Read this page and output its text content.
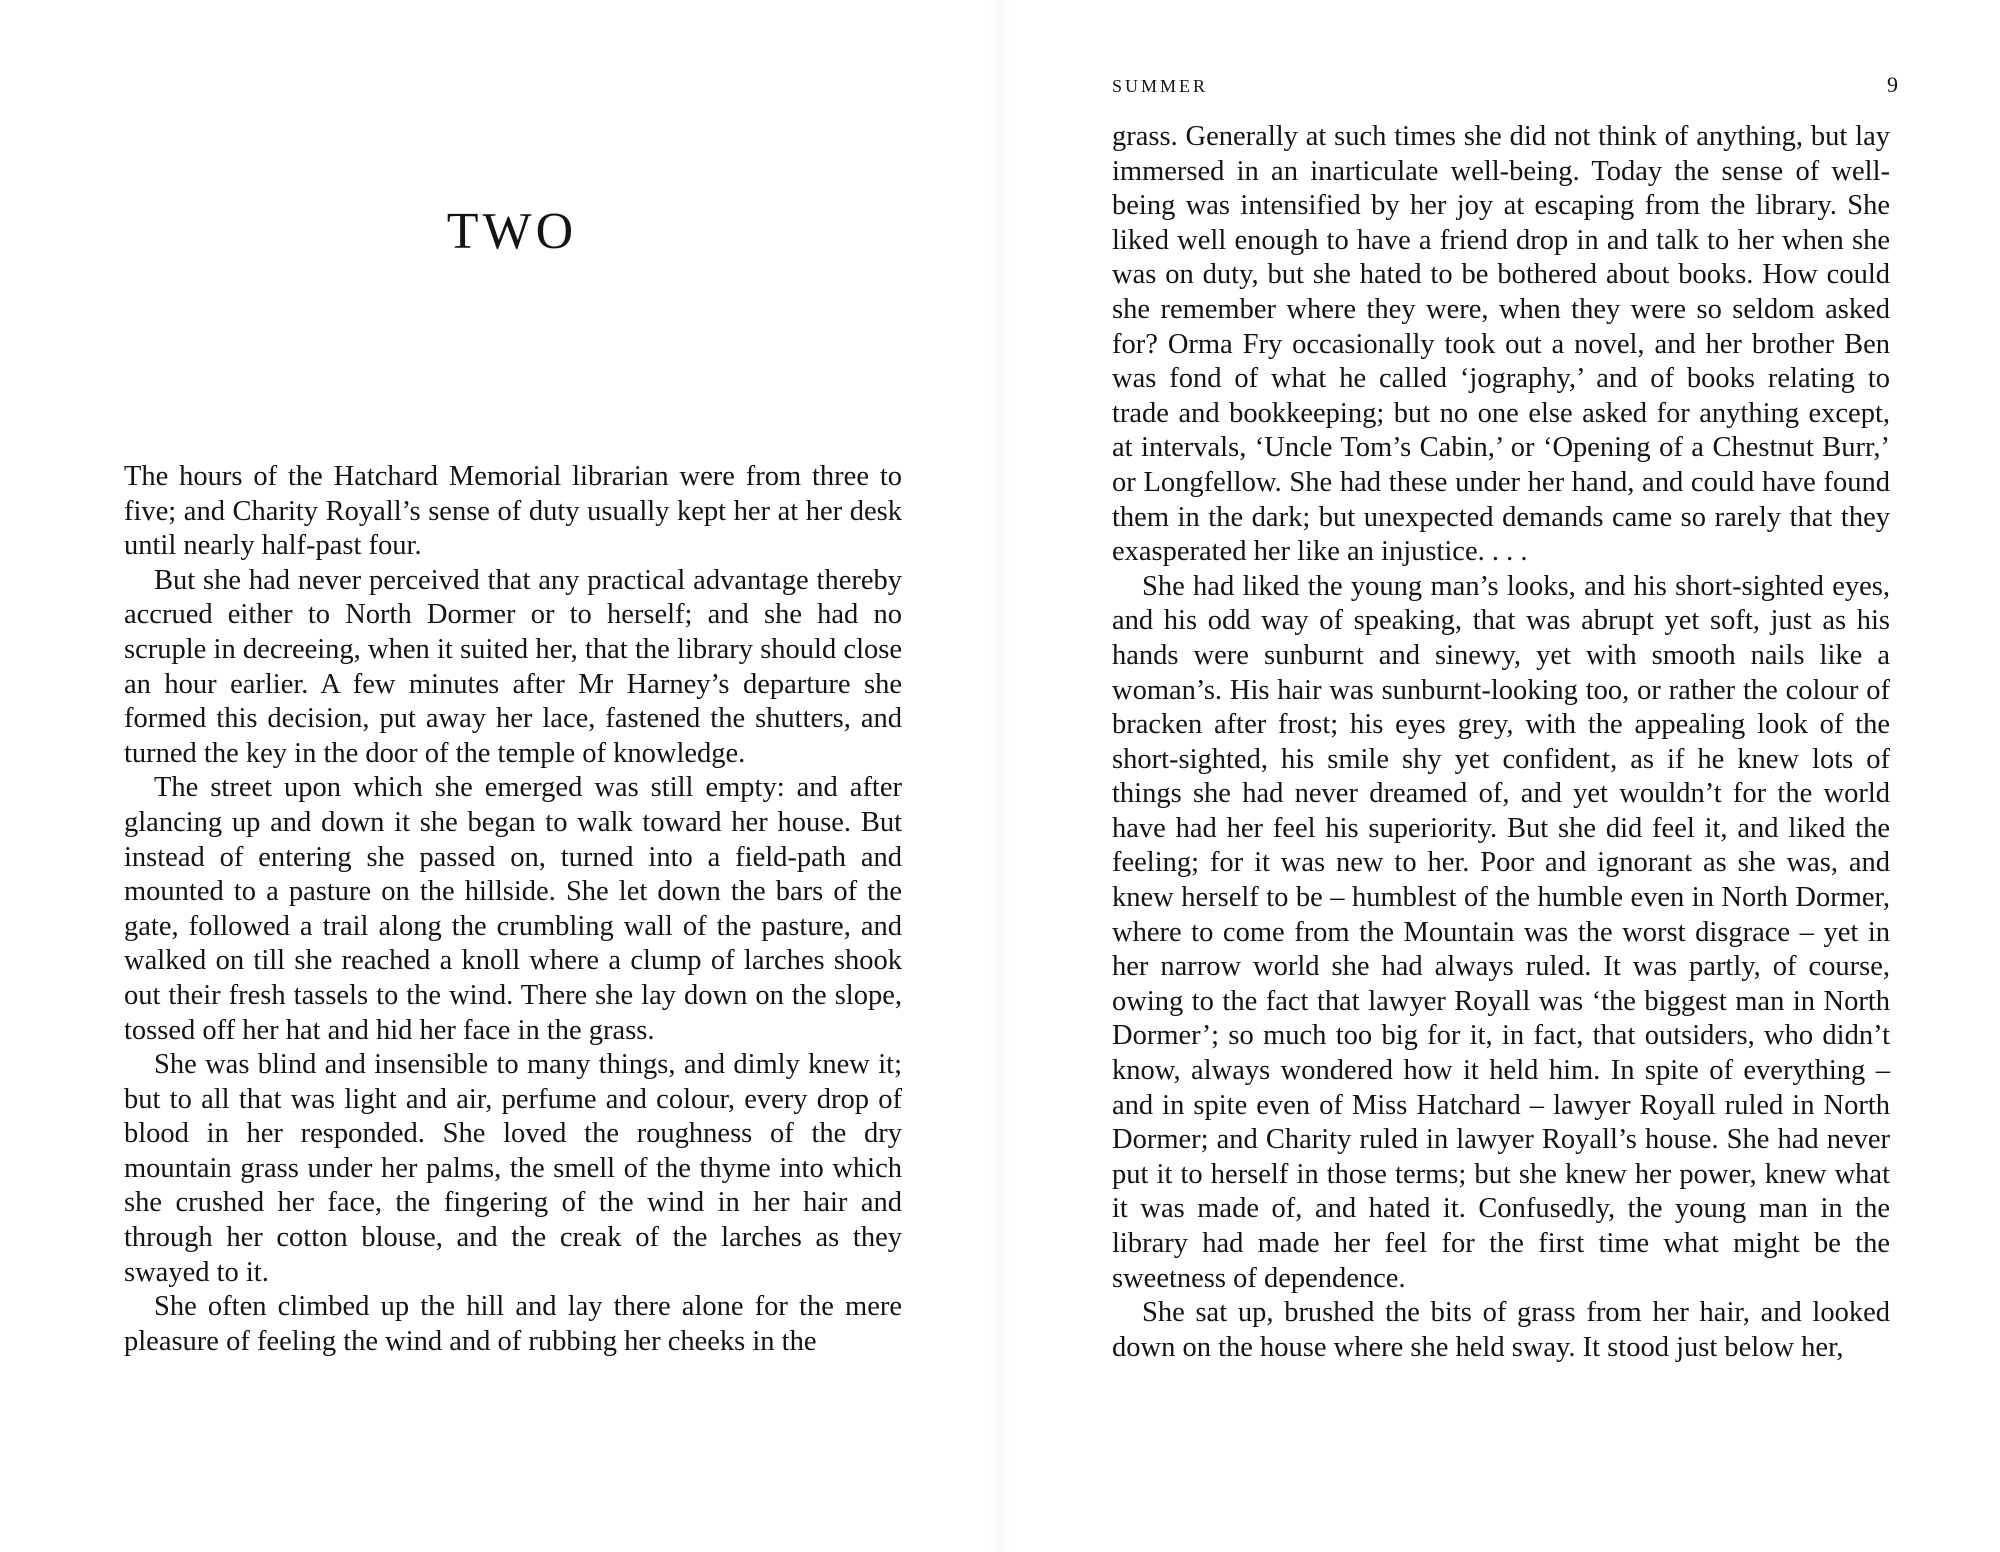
TWO

The hours of the Hatchard Memorial librarian were from three to five; and Charity Royall’s sense of duty usually kept her at her desk until nearly half-past four.

But she had never perceived that any practical advantage thereby accrued either to North Dormer or to herself; and she had no scruple in decreeing, when it suited her, that the library should close an hour earlier. A few minutes after Mr Harney’s departure she formed this decision, put away her lace, fastened the shutters, and turned the key in the door of the temple of knowledge.

The street upon which she emerged was still empty: and after glancing up and down it she began to walk toward her house. But instead of entering she passed on, turned into a field-path and mounted to a pasture on the hillside. She let down the bars of the gate, followed a trail along the crumbling wall of the pasture, and walked on till she reached a knoll where a clump of larches shook out their fresh tassels to the wind. There she lay down on the slope, tossed off her hat and hid her face in the grass.

She was blind and insensible to many things, and dimly knew it; but to all that was light and air, perfume and colour, every drop of blood in her responded. She loved the roughness of the dry mountain grass under her palms, the smell of the thyme into which she crushed her face, the fingering of the wind in her hair and through her cotton blouse, and the creak of the larches as they swayed to it.

She often climbed up the hill and lay there alone for the mere pleasure of feeling the wind and of rubbing her cheeks in the

SUMMER	9

grass. Generally at such times she did not think of anything, but lay immersed in an inarticulate well-being. Today the sense of well-being was intensified by her joy at escaping from the library. She liked well enough to have a friend drop in and talk to her when she was on duty, but she hated to be bothered about books. How could she remember where they were, when they were so seldom asked for? Orma Fry occasionally took out a novel, and her brother Ben was fond of what he called ‘jography,’ and of books relating to trade and bookkeeping; but no one else asked for anything except, at intervals, ‘Uncle Tom’s Cabin,’ or ‘Opening of a Chestnut Burr,’ or Longfellow. She had these under her hand, and could have found them in the dark; but unexpected demands came so rarely that they exasperated her like an injustice. . . .

She had liked the young man’s looks, and his short-sighted eyes, and his odd way of speaking, that was abrupt yet soft, just as his hands were sunburnt and sinewy, yet with smooth nails like a woman’s. His hair was sunburnt-looking too, or rather the colour of bracken after frost; his eyes grey, with the appealing look of the short-sighted, his smile shy yet confident, as if he knew lots of things she had never dreamed of, and yet wouldn’t for the world have had her feel his superiority. But she did feel it, and liked the feeling; for it was new to her. Poor and ignorant as she was, and knew herself to be – humblest of the humble even in North Dormer, where to come from the Mountain was the worst disgrace – yet in her narrow world she had always ruled. It was partly, of course, owing to the fact that lawyer Royall was ‘the biggest man in North Dormer’; so much too big for it, in fact, that outsiders, who didn’t know, always wondered how it held him. In spite of everything – and in spite even of Miss Hatchard – lawyer Royall ruled in North Dormer; and Charity ruled in lawyer Royall’s house. She had never put it to herself in those terms; but she knew her power, knew what it was made of, and hated it. Confusedly, the young man in the library had made her feel for the first time what might be the sweetness of dependence.

She sat up, brushed the bits of grass from her hair, and looked down on the house where she held sway. It stood just below her,
